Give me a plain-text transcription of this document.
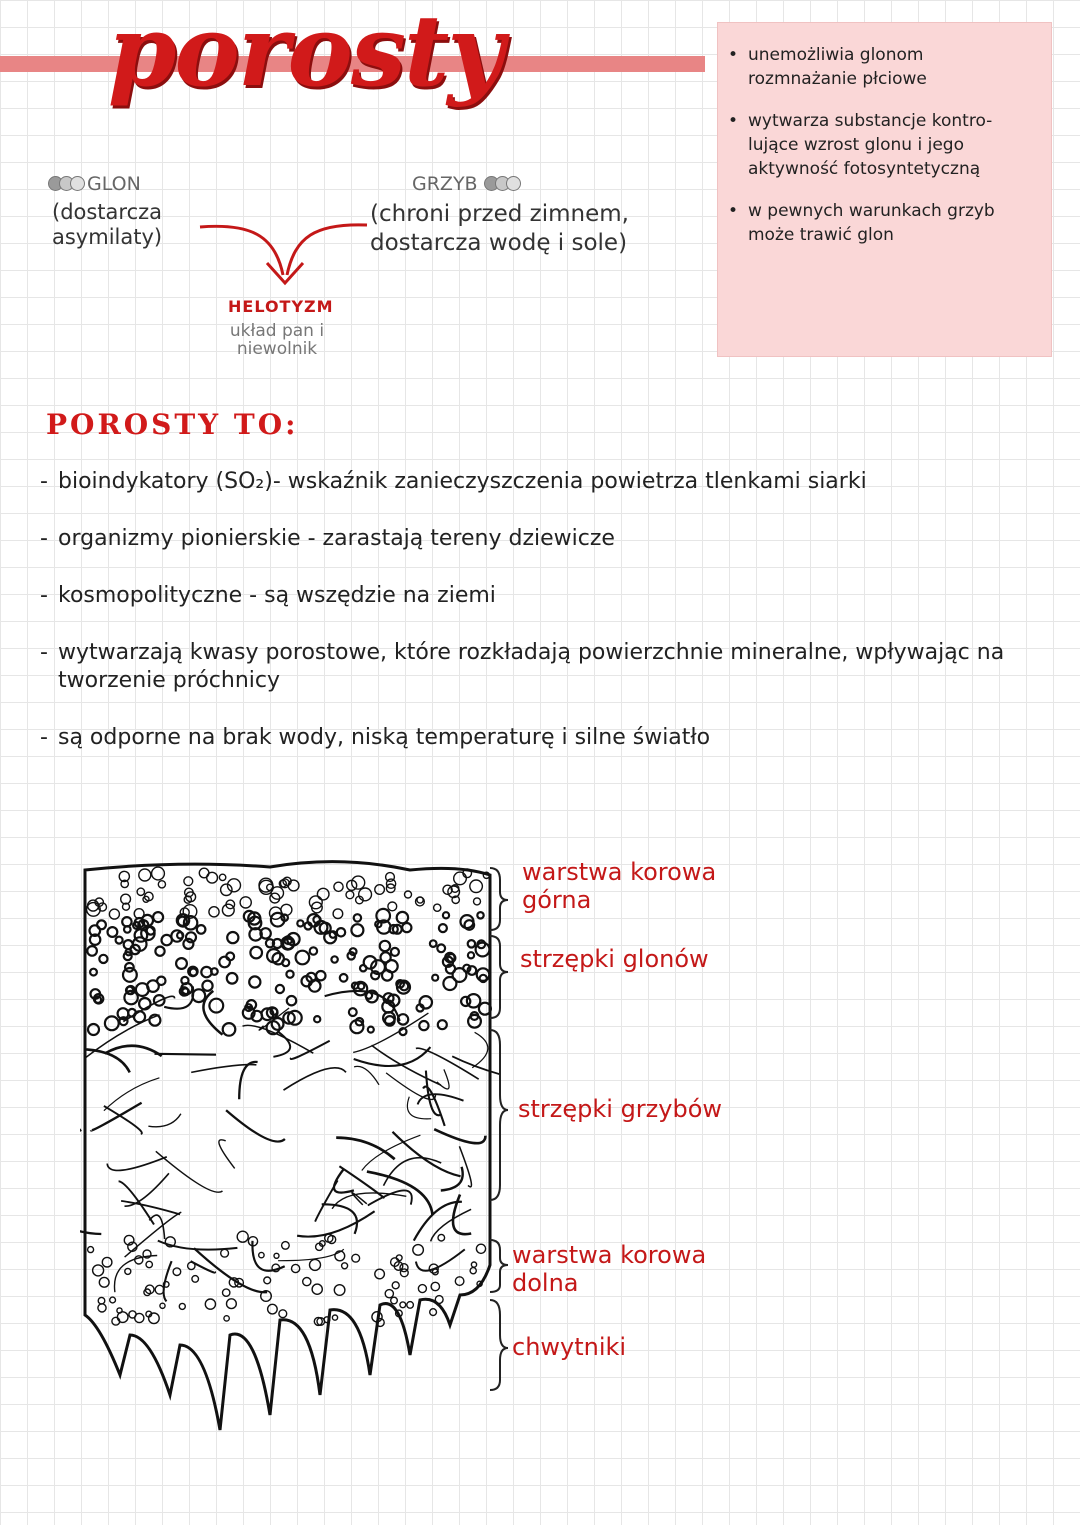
porosty
•	unemożliwia glonom rozmnażanie płciowe
• wytwarza substancje kontro-lujące wzrost glonu i jego aktywność fotosyntetyczną
• w pewnych warunkach grzyb może trawić glon
GLON
(dostarcza
asymilaty)
GRZYB
(chroni przed zimnem,
dostarcza wodę i sole)
HELOTYZM
układ pan i
niewolnik
POROSTY TO:
- bioindykatory (SO₂)- wskaźnik zanieczyszczenia powietrza tlenkami siarki
- organizmy pionierskie - zarastają tereny dziewicze
- kosmopolityczne - są wszędzie na ziemi
- wytwarzają kwasy porostowe, które rozkładają powierzchnie mineralne, wpływając na tworzenie próchnicy
- są odporne na brak wody, niską temperaturę i silne światło
warstwa korowa
górna
strzępki glonów
strzępki grzybów
warstwa korowa
dolna
chwytniki
